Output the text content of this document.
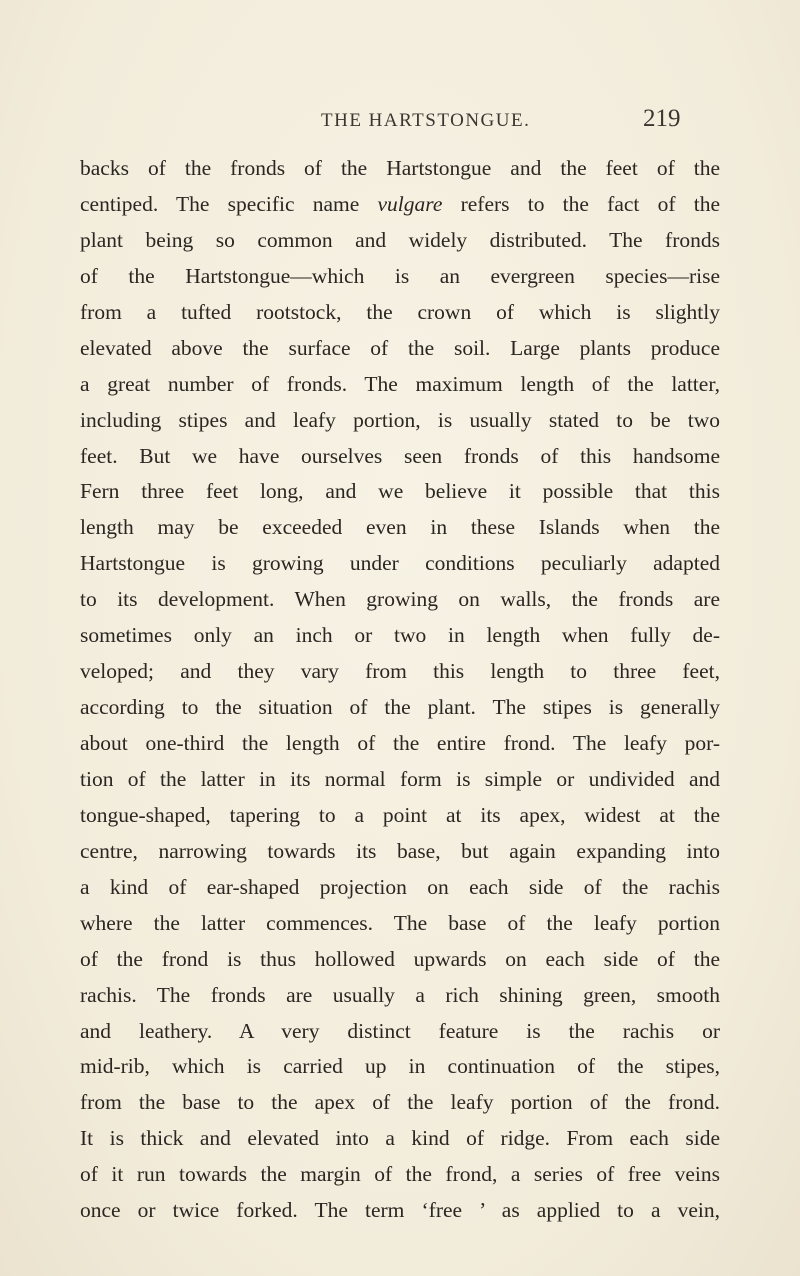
THE HARTSTONGUE.	219
backs of the fronds of the Hartstongue and the feet of the
centiped. The specific name vulgare refers to the fact of the
plant being so common and widely distributed. The fronds
of the Hartstongue—which is an evergreen species—rise
from a tufted rootstock, the crown of which is slightly
elevated above the surface of the soil. Large plants produce
a great number of fronds. The maximum length of the latter,
including stipes and leafy portion, is usually stated to be two
feet. But we have ourselves seen fronds of this handsome
Fern three feet long, and we believe it possible that this
length may be exceeded even in these Islands when the
Hartstongue is growing under conditions peculiarly adapted
to its development. When growing on walls, the fronds are
sometimes only an inch or two in length when fully de-
veloped; and they vary from this length to three feet,
according to the situation of the plant. The stipes is generally
about one-third the length of the entire frond. The leafy por-
tion of the latter in its normal form is simple or undivided and
tongue-shaped, tapering to a point at its apex, widest at the
centre, narrowing towards its base, but again expanding into
a kind of ear-shaped projection on each side of the rachis
where the latter commences. The base of the leafy portion
of the frond is thus hollowed upwards on each side of the
rachis. The fronds are usually a rich shining green, smooth
and leathery. A very distinct feature is the rachis or
mid-rib, which is carried up in continuation of the stipes,
from the base to the apex of the leafy portion of the frond.
It is thick and elevated into a kind of ridge. From each side
of it run towards the margin of the frond, a series of free veins
once or twice forked. The term ‘free ’ as applied to a vein,
